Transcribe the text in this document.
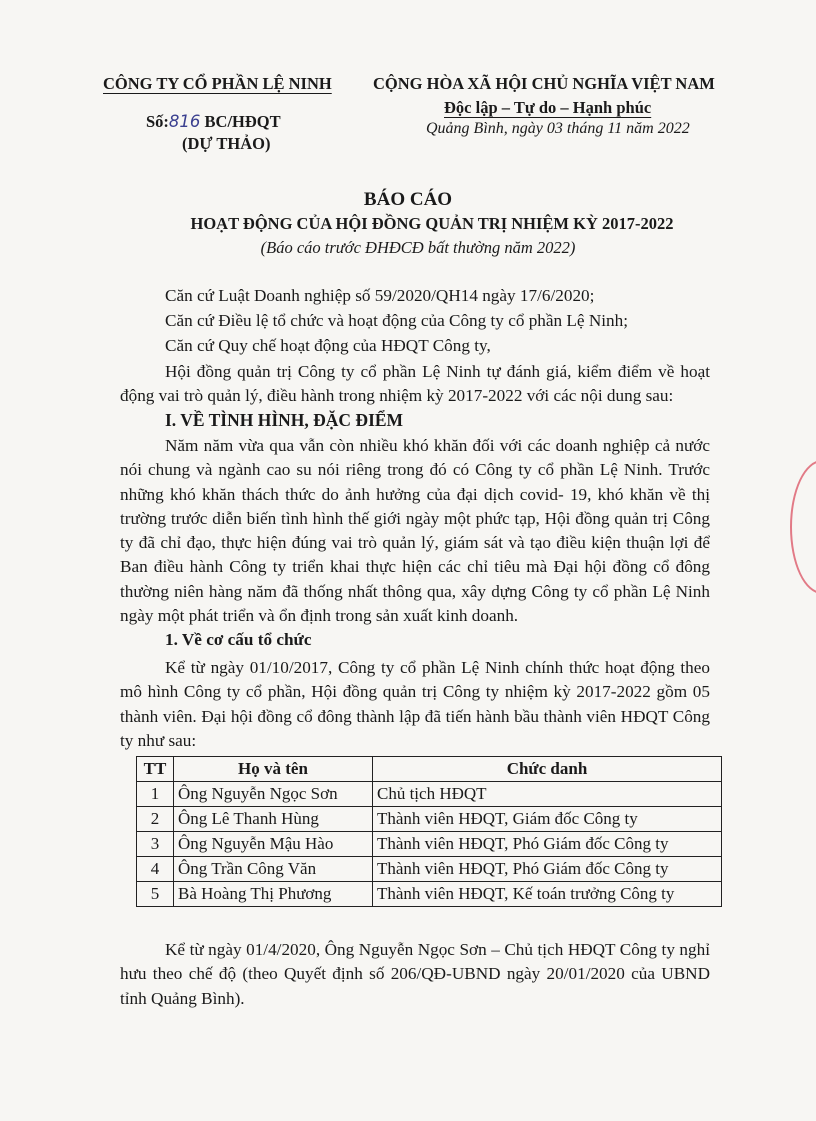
CÔNG TY CỔ PHẦN LỆ NINH
Số:816 BC/HĐQT
(DỰ THẢO)
CỘNG HÒA XÃ HỘI CHỦ NGHĨA VIỆT NAM
Độc lập – Tự do – Hạnh phúc
Quảng Bình, ngày 03 tháng 11 năm 2022
BÁO CÁO
HOẠT ĐỘNG CỦA HỘI ĐỒNG QUẢN TRỊ NHIỆM KỲ 2017-2022
(Báo cáo trước ĐHĐCĐ bất thường năm 2022)
Căn cứ Luật Doanh nghiệp số 59/2020/QH14 ngày 17/6/2020;
Căn cứ Điều lệ tổ chức và hoạt động của Công ty cổ phần Lệ Ninh;
Căn cứ Quy chế hoạt động của HĐQT Công ty,
Hội đồng quản trị Công ty cổ phần Lệ Ninh tự đánh giá, kiểm điểm về hoạt động vai trò quản lý, điều hành trong nhiệm kỳ 2017-2022 với các nội dung sau:
I. VỀ TÌNH HÌNH, ĐẶC ĐIỂM
Năm năm vừa qua vẫn còn nhiều khó khăn đối với các doanh nghiệp cả nước nói chung và ngành cao su nói riêng trong đó có Công ty cổ phần Lệ Ninh. Trước những khó khăn thách thức do ảnh hưởng của đại dịch covid- 19, khó khăn về thị trường trước diễn biến tình hình thế giới ngày một phức tạp, Hội đồng quản trị Công ty đã chỉ đạo, thực hiện đúng vai trò quản lý, giám sát và tạo điều kiện thuận lợi để Ban điều hành Công ty triển khai thực hiện các chỉ tiêu mà Đại hội đồng cổ đông thường niên hàng năm đã thống nhất thông qua, xây dựng Công ty cổ phần Lệ Ninh ngày một phát triển và ổn định trong sản xuất kinh doanh.
1. Về cơ cấu tổ chức
Kể từ ngày 01/10/2017, Công ty cổ phần Lệ Ninh chính thức hoạt động theo mô hình Công ty cổ phần, Hội đồng quản trị Công ty nhiệm kỳ 2017-2022 gồm 05 thành viên. Đại hội đồng cổ đông thành lập đã tiến hành bầu thành viên HĐQT Công ty như sau:
TT	Họ và tên	Chức danh
1	Ông Nguyễn Ngọc Sơn	Chủ tịch HĐQT
2	Ông Lê Thanh Hùng	Thành viên HĐQT, Giám đốc Công ty
3	Ông Nguyễn Mậu Hào	Thành viên HĐQT, Phó Giám đốc Công ty
4	Ông Trần Công Văn	Thành viên HĐQT, Phó Giám đốc Công ty
5	Bà Hoàng Thị Phương	Thành viên HĐQT, Kế toán trưởng Công ty
Kể từ ngày 01/4/2020, Ông Nguyễn Ngọc Sơn – Chủ tịch HĐQT Công ty nghỉ hưu theo chế độ (theo Quyết định số 206/QĐ-UBND ngày 20/01/2020 của UBND tỉnh Quảng Bình).
